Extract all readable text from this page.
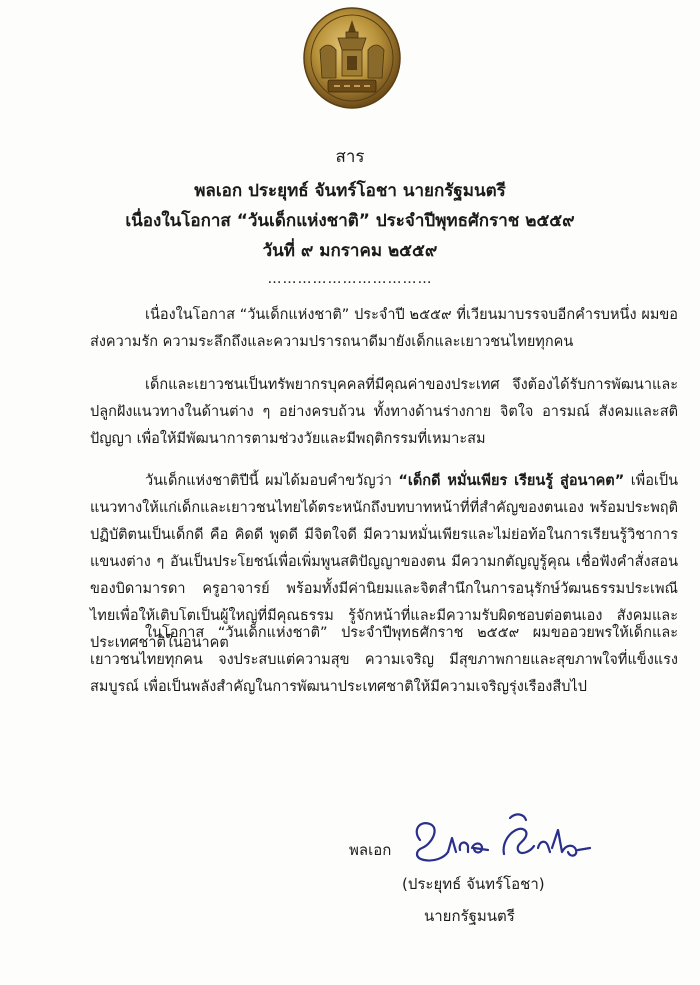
สาร
พลเอก ประยุทธ์ จันทร์โอชา นายกรัฐมนตรี
เนื่องในโอกาส “วันเด็กแห่งชาติ” ประจำปีพุทธศักราช ๒๕๕๙
วันที่ ๙ มกราคม ๒๕๕๙
……………………………
เนื่องในโอกาส “วันเด็กแห่งชาติ” ประจำปี ๒๕๕๙ ที่เวียนมาบรรจบอีกคำรบหนึ่ง ผมขอส่งความรัก ความระลึกถึงและความปรารถนาดีมายังเด็กและเยาวชนไทยทุกคน
เด็กและเยาวชนเป็นทรัพยากรบุคคลที่มีคุณค่าของประเทศ จึงต้องได้รับการพัฒนาและปลูกฝังแนวทางในด้านต่าง ๆ อย่างครบถ้วน ทั้งทางด้านร่างกาย จิตใจ อารมณ์ สังคมและสติปัญญา เพื่อให้มีพัฒนาการตามช่วงวัยและมีพฤติกรรมที่เหมาะสม
วันเด็กแห่งชาติปีนี้ ผมได้มอบคำขวัญว่า “เด็กดี หมั่นเพียร เรียนรู้ สู่อนาคต” เพื่อเป็นแนวทางให้แก่เด็กและเยาวชนไทยได้ตระหนักถึงบทบาทหน้าที่ที่สำคัญของตนเอง พร้อมประพฤติปฏิบัติตนเป็นเด็กดี คือ คิดดี พูดดี มีจิตใจดี มีความหมั่นเพียรและไม่ย่อท้อในการเรียนรู้วิชาการแขนงต่าง ๆ อันเป็นประโยชน์เพื่อเพิ่มพูนสติปัญญาของตน มีความกตัญญูรู้คุณ เชื่อฟังคำสั่งสอนของบิดามารดา ครูอาจารย์ พร้อมทั้งมีค่านิยมและจิตสำนึกในการอนุรักษ์วัฒนธรรมประเพณีไทยเพื่อให้เติบโตเป็นผู้ใหญ่ที่มีคุณธรรม รู้จักหน้าที่และมีความรับผิดชอบต่อตนเอง สังคมและประเทศชาติในอนาคต
ในโอกาส “วันเด็กแห่งชาติ” ประจำปีพุทธศักราช ๒๕๕๙ ผมขออวยพรให้เด็กและเยาวชนไทยทุกคน จงประสบแต่ความสุข ความเจริญ มีสุขภาพกายและสุขภาพใจที่แข็งแรง สมบูรณ์ เพื่อเป็นพลังสำคัญในการพัฒนาประเทศชาติให้มีความเจริญรุ่งเรืองสืบไป
พลเอก
(ประยุทธ์ จันทร์โอชา)
นายกรัฐมนตรี
